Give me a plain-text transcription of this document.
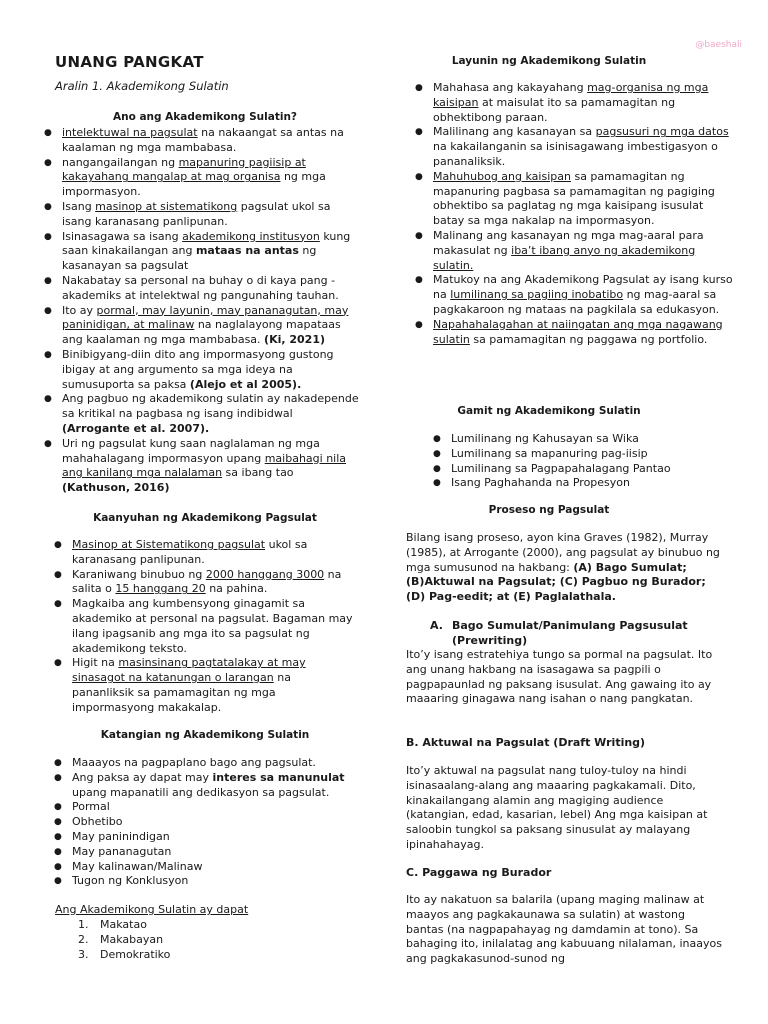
@baeshali
UNANG PANGKAT
Aralin 1. Akademikong Sulatin
Ano ang Akademikong Sulatin?
● intelektuwal na pagsulat na nakaangat sa antas na kaalaman ng mga mambabasa.
● nangangailangan ng mapanuring pagiisip at kakayahang mangalap at mag organisa ng mga impormasyon.
● Isang masinop at sistematikong pagsulat ukol sa isang karanasang panlipunan.
● Isinasagawa sa isang akademikong institusyon kung saan kinakailangan ang mataas na antas ng kasanayan sa pagsulat
● Nakabatay sa personal na buhay o di kaya pang - akademiks at intelektwal ng pangunahing tauhan.
● Ito ay pormal, may layunin, may pananagutan, may paninidigan, at malinaw na naglalayong mapataas ang kaalaman ng mga mambabasa. (Ki, 2021)
● Binibigyang-diin dito ang impormasyong gustong ibigay at ang argumento sa mga ideya na sumusuporta sa paksa (Alejo et al 2005).
● Ang pagbuo ng akademikong sulatin ay nakadepende sa kritikal na pagbasa ng isang indibidwal (Arrogante et al. 2007).
● Uri ng pagsulat kung saan naglalaman ng mga mahahalagang impormasyon upang maibahagi nila ang kanilang mga nalalaman sa ibang tao (Kathuson, 2016)
Kaanyuhan ng Akademikong Pagsulat
● Masinop at Sistematikong pagsulat ukol sa karanasang panlipunan.
● Karaniwang binubuo ng 2000 hanggang 3000 na salita o 15 hanggang 20 na pahina.
● Magkaiba ang kumbensyong ginagamit sa akademiko at personal na pagsulat. Bagaman may ilang ipagsanib ang mga ito sa pagsulat ng akademikong teksto.
● Higit na masinsinang pagtatalakay at may sinasagot na katanungan o larangan na pananliksik sa pamamagitan ng mga impormasyong makakalap.
Katangian ng Akademikong Sulatin
● Maaayos na pagpaplano bago ang pagsulat.
● Ang paksa ay dapat may interes sa manunulat upang mapanatili ang dedikasyon sa pagsulat.
● Pormal
● Obhetibo
● May paninindigan
● May pananagutan
● May kalinawan/Malinaw
● Tugon ng Konklusyon
Ang Akademikong Sulatin ay dapat
1. Makatao
2. Makabayan
3. Demokratiko
Layunin ng Akademikong Sulatin
● Mahahasa ang kakayahang mag-organisa ng mga kaisipan at maisulat ito sa pamamagitan ng obhektibong paraan.
● Malilinang ang kasanayan sa pagsusuri ng mga datos na kakailanganin sa isinisagawang imbestigasyon o pananaliksik.
● Mahuhubog ang kaisipan sa pamamagitan ng mapanuring pagbasa sa pamamagitan ng pagiging obhektibo sa paglatag ng mga kaisipang isusulat batay sa mga nakalap na impormasyon.
● Malinang ang kasanayan ng mga mag-aaral para makasulat ng iba’t ibang anyo ng akademikong sulatin.
● Matukoy na ang Akademikong Pagsulat ay isang kurso na lumilinang sa pagiing inobatibo ng mag-aaral sa pagkakaroon ng mataas na pagkilala sa edukasyon.
● Napahahalagahan at naiingatan ang mga nagawang sulatin sa pamamagitan ng paggawa ng portfolio.
Gamit ng Akademikong Sulatin
● Lumilinang ng Kahusayan sa Wika
● Lumilinang sa mapanuring pag-iisip
● Lumilinang sa Pagpapahalagang Pantao
● Isang Paghahanda na Propesyon
Proseso ng Pagsulat
Bilang isang proseso, ayon kina Graves (1982), Murray (1985), at Arrogante (2000), ang pagsulat ay binubuo ng mga sumusunod na hakbang: (A) Bago Sumulat; (B)Aktuwal na Pagsulat; (C) Pagbuo ng Burador; (D) Pag-eedit; at (E) Paglalathala.
A. Bago Sumulat/Panimulang Pagsusulat (Prewriting)
Ito’y isang estratehiya tungo sa pormal na pagsulat. Ito ang unang hakbang na isasagawa sa pagpili o pagpapaunlad ng paksang isusulat. Ang gawaing ito ay maaaring ginagawa nang isahan o nang pangkatan.
B. Aktuwal na Pagsulat (Draft Writing)
Ito’y aktuwal na pagsulat nang tuloy-tuloy na hindi isinasaalang-alang ang maaaring pagkakamali. Dito, kinakailangang alamin ang magiging audience (katangian, edad, kasarian, lebel) Ang mga kaisipan at saloobin tungkol sa paksang sinusulat ay malayang ipinahahayag.
C. Paggawa ng Burador
Ito ay nakatuon sa balarila (upang maging malinaw at maayos ang pagkakaunawa sa sulatin) at wastong bantas (na nagpapahayag ng damdamin at tono). Sa bahaging ito, inilalatag ang kabuuang nilalaman, inaayos ang pagkakasunod-sunod ng
